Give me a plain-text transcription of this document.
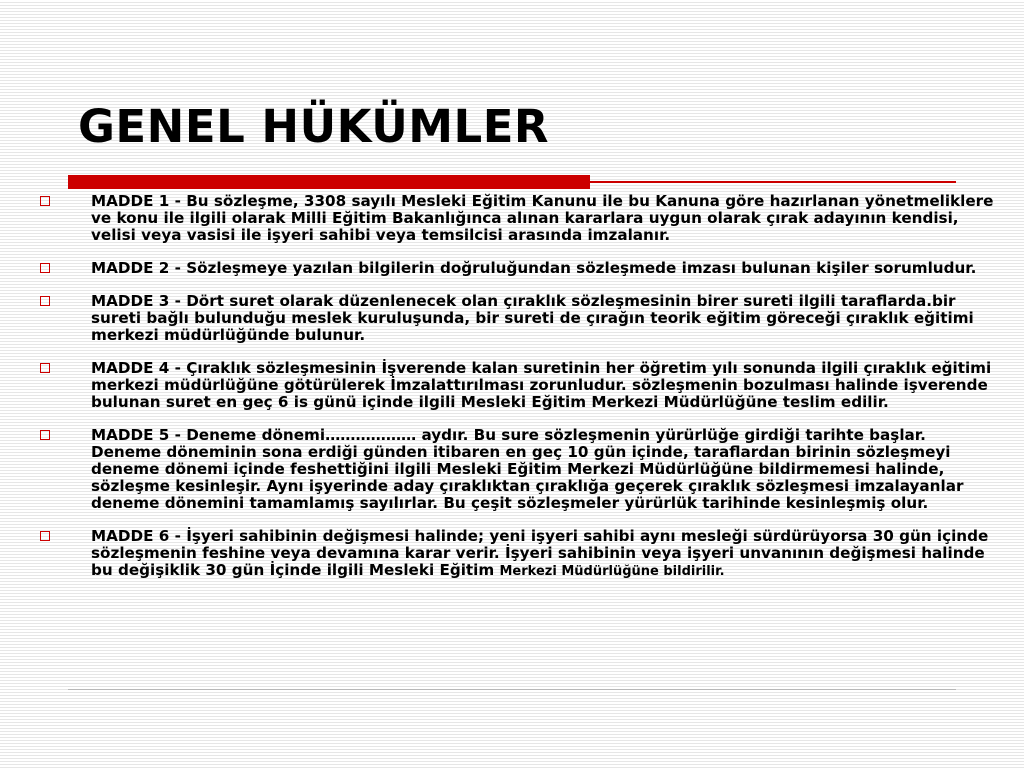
GENEL HÜKÜMLER
MADDE 1 - Bu sözleşme, 3308 sayılı Mesleki Eğitim Kanunu ile bu Kanuna göre hazırlanan yönetmeliklere ve konu ile ilgili olarak Milli Eğitim Bakanlığınca alınan kararlara uygun olarak çırak adayının kendisi, velisi veya vasisi ile işyeri sahibi veya temsilcisi arasında imzalanır.
MADDE 2 - Sözleşmeye yazılan bilgilerin doğruluğundan sözleşmede imzası bulunan kişiler sorumludur.
MADDE 3 - Dört suret olarak düzenlenecek olan çıraklık sözleşmesinin birer sureti ilgili taraflarda.bir sureti bağlı bulunduğu meslek kuruluşunda, bir sureti de çırağın teorik eğitim göreceği çıraklık eğitimi merkezi müdürlüğünde bulunur.
MADDE 4 - Çıraklık sözleşmesinin İşverende kalan suretinin her öğretim yılı sonunda ilgili çıraklık eğitimi merkezi müdürlüğüne götürülerek İmzalattırılması zorunludur. sözleşmenin bozulması halinde işverende bulunan suret en geç 6 is günü içinde ilgili Mesleki Eğitim Merkezi Müdürlüğüne teslim edilir.
MADDE 5 - Deneme dönemi……………… aydır. Bu sure sözleşmenin yürürlüğe girdiği tarihte başlar. Deneme döneminin sona erdiği günden itibaren en geç 10 gün içinde, taraflardan birinin sözleşmeyi deneme dönemi içinde feshettiğini ilgili Mesleki Eğitim Merkezi Müdürlüğüne bildirmemesi halinde, sözleşme kesinleşir. Aynı işyerinde aday çıraklıktan çıraklığa geçerek çıraklık sözleşmesi imzalayanlar deneme dönemini tamamlamış sayılırlar. Bu çeşit sözleşmeler yürürlük tarihinde kesinleşmiş olur.
MADDE 6 - İşyeri sahibinin değişmesi halinde; yeni işyeri sahibi aynı mesleği sürdürüyorsa 30 gün içinde sözleşmenin feshine veya devamına karar verir. İşyeri sahibinin veya işyeri unvanının değişmesi halinde bu değişiklik 30 gün İçinde ilgili Mesleki Eğitim Merkezi Müdürlüğüne bildirilir.
